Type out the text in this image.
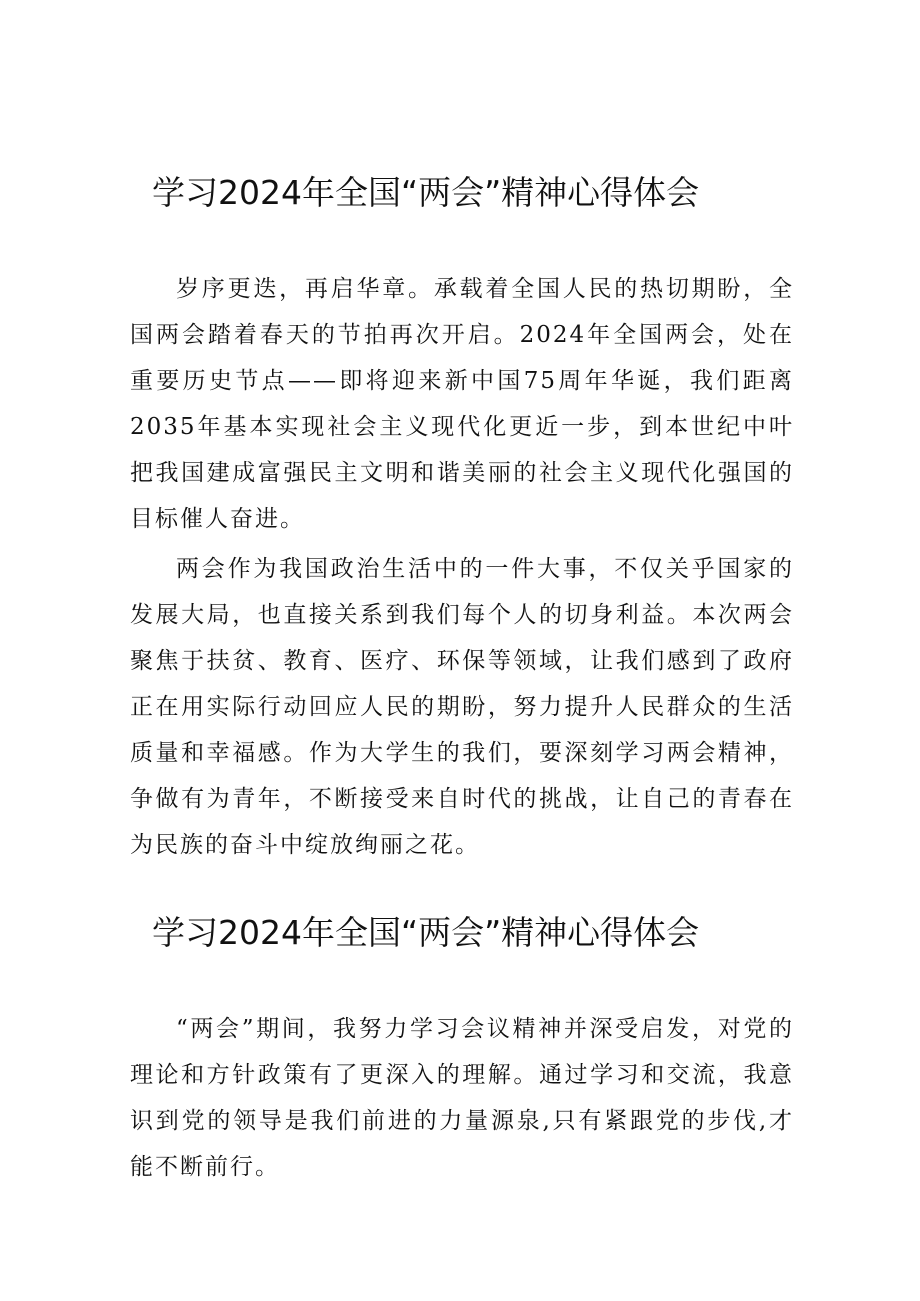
学习2024年全国“两会”精神心得体会

岁序更迭，再启华章。承载着全国人民的热切期盼，全国两会踏着春天的节拍再次开启。2024年全国两会，处在重要历史节点——即将迎来新中国75周年华诞，我们距离2035年基本实现社会主义现代化更近一步，到本世纪中叶把我国建成富强民主文明和谐美丽的社会主义现代化强国的目标催人奋进。

两会作为我国政治生活中的一件大事，不仅关乎国家的发展大局，也直接关系到我们每个人的切身利益。本次两会聚焦于扶贫、教育、医疗、环保等领域，让我们感到了政府正在用实际行动回应人民的期盼，努力提升人民群众的生活质量和幸福感。作为大学生的我们，要深刻学习两会精神，争做有为青年，不断接受来自时代的挑战，让自己的青春在为民族的奋斗中绽放绚丽之花。

学习2024年全国“两会”精神心得体会

“两会”期间，我努力学习会议精神并深受启发，对党的理论和方针政策有了更深入的理解。通过学习和交流，我意识到党的领导是我们前进的力量源泉,只有紧跟党的步伐,才能不断前行。
